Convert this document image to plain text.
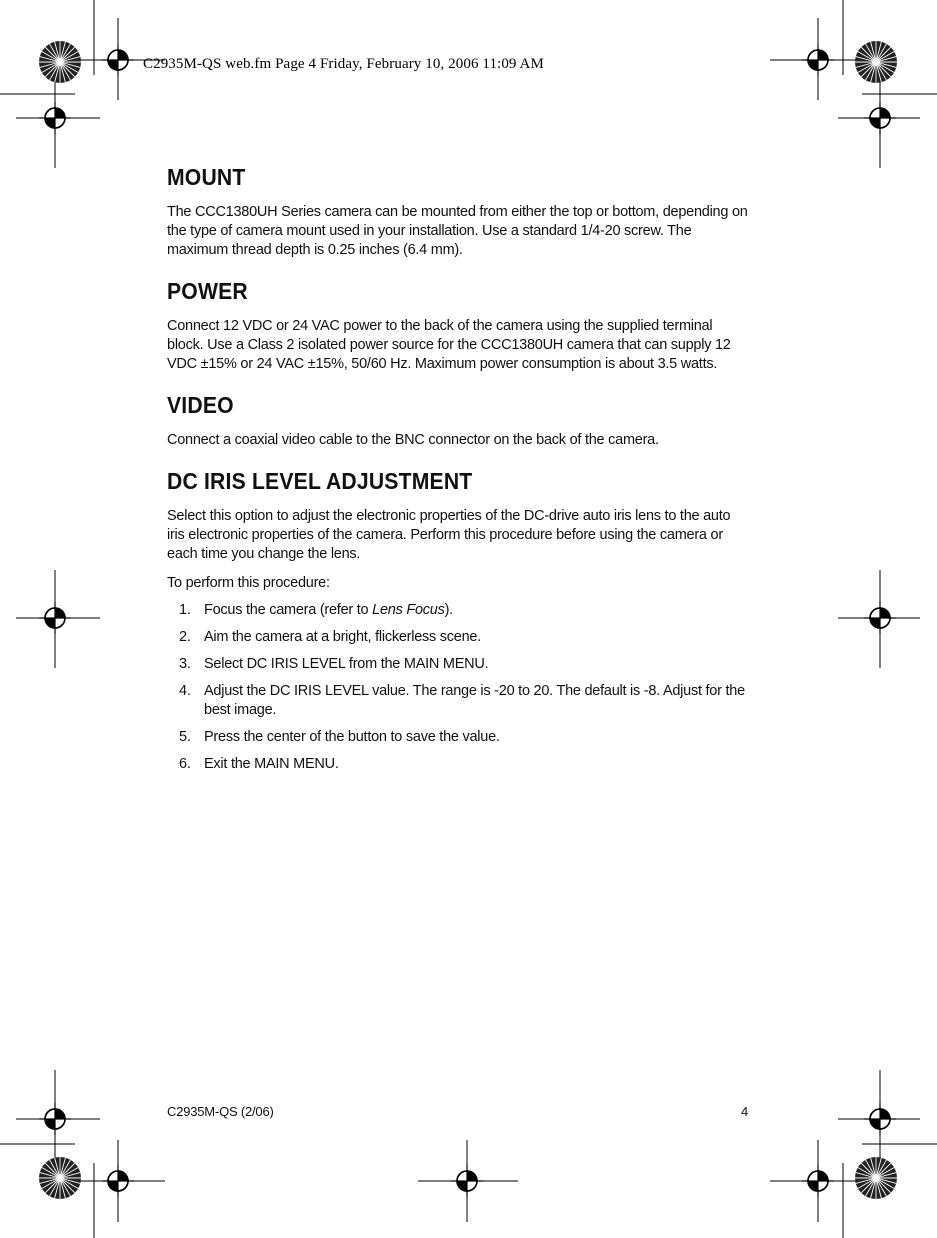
C2935M-QS web.fm Page 4 Friday, February 10, 2006 11:09 AM
MOUNT

The CCC1380UH Series camera can be mounted from either the top or bottom, depending on the type of camera mount used in your installation. Use a standard 1/4-20 screw. The maximum thread depth is 0.25 inches (6.4 mm).

POWER

Connect 12 VDC or 24 VAC power to the back of the camera using the supplied terminal block. Use a Class 2 isolated power source for the CCC1380UH camera that can supply 12 VDC ±15% or 24 VAC ±15%, 50/60 Hz. Maximum power consumption is about 3.5 watts.

VIDEO

Connect a coaxial video cable to the BNC connector on the back of the camera.

DC IRIS LEVEL ADJUSTMENT

Select this option to adjust the electronic properties of the DC-drive auto iris lens to the auto iris electronic properties of the camera. Perform this procedure before using the camera or each time you change the lens.

To perform this procedure:

1. Focus the camera (refer to Lens Focus).
2. Aim the camera at a bright, flickerless scene.
3. Select DC IRIS LEVEL from the MAIN MENU.
4. Adjust the DC IRIS LEVEL value. The range is -20 to 20. The default is -8. Adjust for the best image.
5. Press the center of the button to save the value.
6. Exit the MAIN MENU.
C2935M-QS (2/06)	4
